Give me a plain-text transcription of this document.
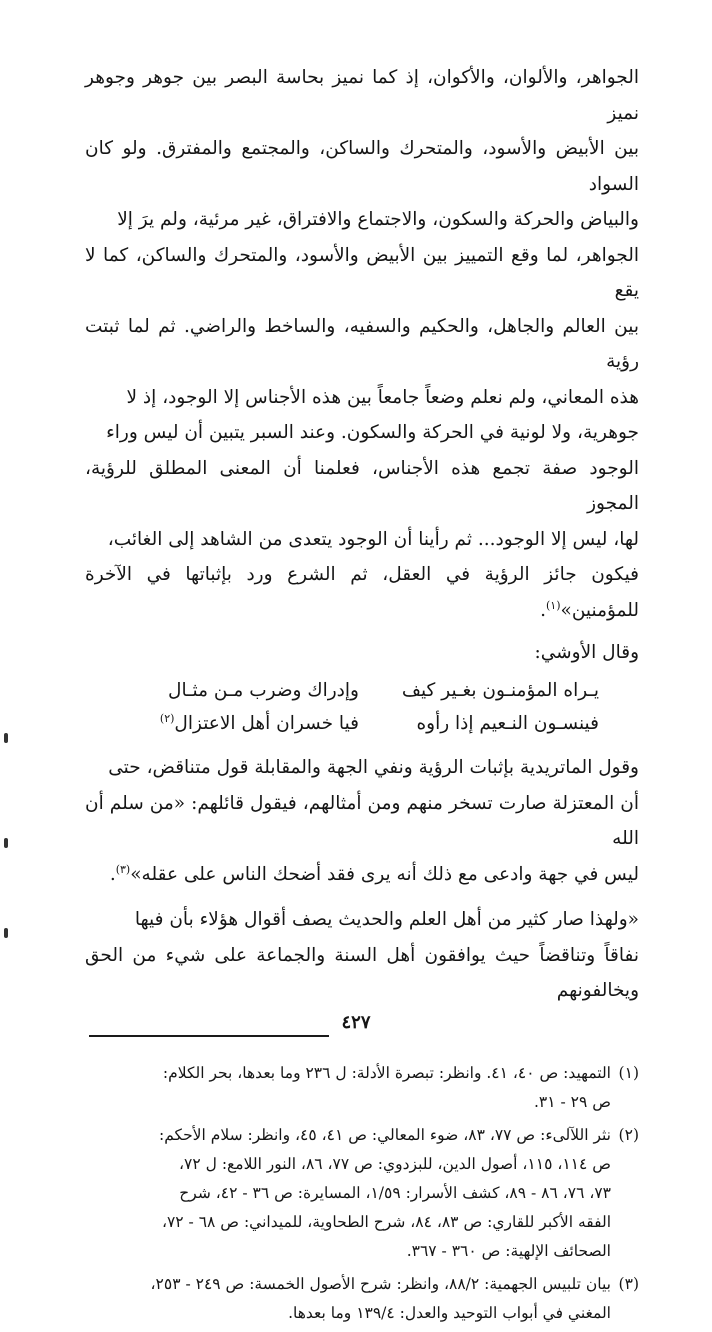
الجواهر، والألوان، والأكوان، إذ كما نميز بحاسة البصر بين جوهر وجوهر نميز

بين الأبيض والأسود، والمتحرك والساكن، والمجتمع والمفترق. ولو كان السواد

والبياض والحركة والسكون، والاجتماع والافتراق، غير مرئية، ولم يرَ إلا

الجواهر، لما وقع التمييز بين الأبيض والأسود، والمتحرك والساكن، كما لا يقع

بين العالم والجاهل، والحكيم والسفيه، والساخط والراضي. ثم لما ثبتت رؤية

هذه المعاني، ولم نعلم وضعاً جامعاً بين هذه الأجناس إلا الوجود، إذ لا

جوهرية، ولا لونية في الحركة والسكون. وعند السبر يتبين أن ليس وراء

الوجود صفة تجمع هذه الأجناس، فعلمنا أن المعنى المطلق للرؤية، المجوز

لها، ليس إلا الوجود... ثم رأينا أن الوجود يتعدى من الشاهد إلى الغائب،

فيكون جائز الرؤية في العقل، ثم الشرع ورد بإثباتها في الآخرة للمؤمنين»$^{(١)}$.

وقال الأوشي:
يـراه المؤمنـون بغـير كيف
وإدراك وضرب مـن مثـال
فينسـون النـعيم إذا رأوه
فيا خسران أهل الاعتزال$^{(٢)}$

وقول الماتريدية بإثبات الرؤية ونفي الجهة والمقابلة قول متناقض، حتى

أن المعتزلة صارت تسخر منهم ومن أمثالهم، فيقول قائلهم: «من سلم أن الله

ليس في جهة وادعى مع ذلك أنه يرى فقد أضحك الناس على عقله»$^{(٣)}$.

«ولهذا صار كثير من أهل العلم والحديث يصف أقوال هؤلاء بأن فيها

نفاقاً وتناقضاً حيث يوافقون أهل السنة والجماعة على شيء من الحق ويخالفونهم

(١)
التمهيد: ص ٤٠، ٤١. وانظر: تبصرة الأدلة: ل ٢٣٦ وما بعدها، بحر الكلام:
ص ٢٩ - ٣١.
(٢)
نثر اللآلىء: ص ٧٧، ٨٣، ضوء المعالي: ص ٤١، ٤٥، وانظر: سلام الأحكم:
ص ١١٤، ١١٥، أصول الدين، للبزدوي: ص ٧٧، ٨٦، النور اللامع: ل ٧٢،
٧٣، ٧٦، ٨٦ - ٨٩، كشف الأسرار: ١/٥٩، المسايرة: ص ٣٦ - ٤٢، شرح
الفقه الأكبر للقاري: ص ٨٣، ٨٤، شرح الطحاوية، للميداني: ص ٦٨ - ٧٢،
الصحائف الإلهية: ص ٣٦٠ - ٣٦٧.
(٣)
بيان تلبيس الجهمية: ٨٨/٢، وانظر: شرح الأصول الخمسة: ص ٢٤٩ - ٢٥٣،
المغني في أبواب التوحيد والعدل: ١٣٩/٤ وما بعدها.
٤٢٧
